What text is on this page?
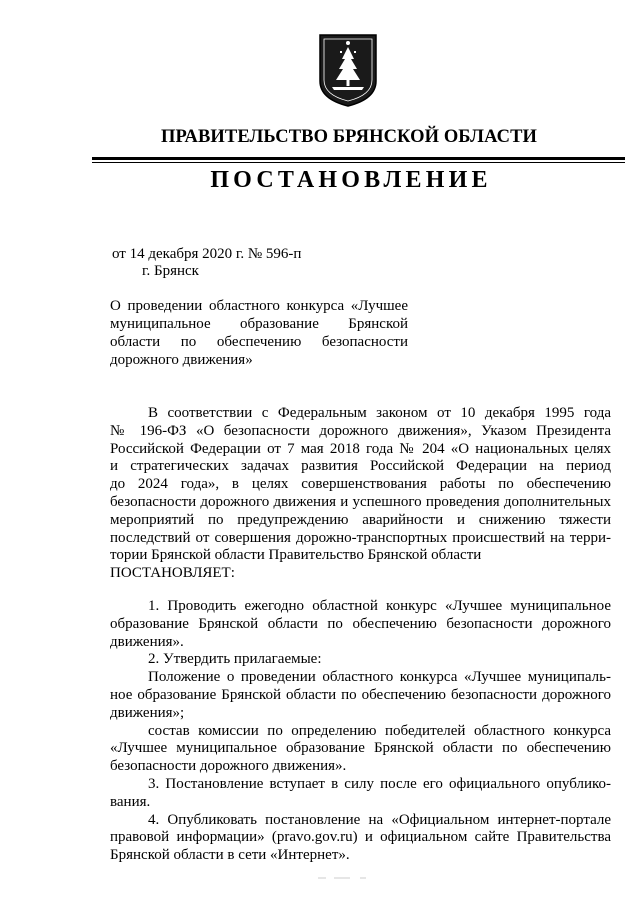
ПРАВИТЕЛЬСТВО БРЯНСКОЙ ОБЛАСТИ
ПОСТАНОВЛЕНИЕ
от 14 декабря 2020 г. № 596-п
г. Брянск
О проведении областного конкурса «Лучшее
муниципальное образование Брянской
области по обеспечению безопасности
дорожного движения»

В соответствии с Федеральным законом от 10 декабря 1995 года
№ 196-ФЗ «О безопасности дорожного движения», Указом Президента
Российской Федерации от 7 мая 2018 года № 204 «О национальных целях
и стратегических задачах развития Российской Федерации на период
до 2024 года», в целях совершенствования работы по обеспечению
безопасности дорожного движения и успешного проведения дополнительных
мероприятий по предупреждению аварийности и снижению тяжести
последствий от совершения дорожно-транспортных происшествий на терри-
тории Брянской области Правительство Брянской области
ПОСТАНОВЛЯЕТ:

1. Проводить ежегодно областной конкурс «Лучшее муниципальное
образование Брянской области по обеспечению безопасности дорожного
движения».

2. Утвердить прилагаемые:

Положение о проведении областного конкурса «Лучшее муниципаль-
ное образование Брянской области по обеспечению безопасности дорожного
движения»;

состав комиссии по определению победителей областного конкурса
«Лучшее муниципальное образование Брянской области по обеспечению
безопасности дорожного движения».

3. Постановление вступает в силу после его официального опублико-
вания.

4. Опубликовать постановление на «Официальном интернет-портале
правовой информации» (pravo.gov.ru) и официальном сайте Правительства
Брянской области в сети «Интернет».
